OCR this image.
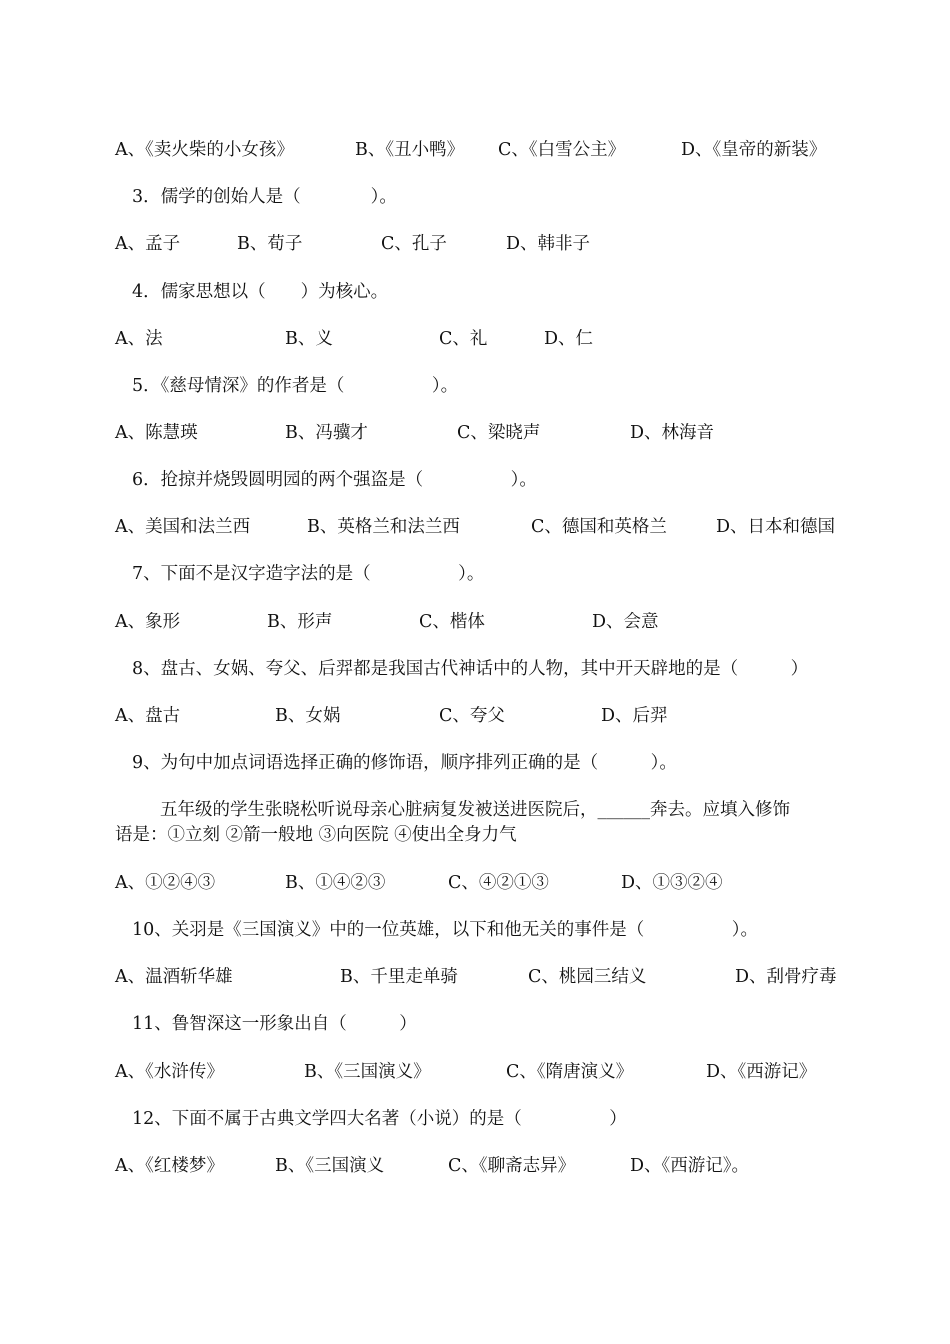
A、《卖火柴的小女孩》	B、《丑小鸭》 C、《白雪公主》	D、《皇帝的新装》
3．儒学的创始人是（　　　　）。
A、孟子	B、荀子	C、孔子	D、韩非子
4．儒家思想以（　　）为核心。
A、法	B、义	C、礼	D、仁
5．《慈母情深》的作者是（　　　　　）。
A、陈慧瑛	B、冯骥才	C、梁晓声	D、林海音
6．抢掠并烧毁圆明园的两个强盗是（　　　　　）。
A、美国和法兰西	B、英格兰和法兰西	C、德国和英格兰	D、日本和德国
7、下面不是汉字造字法的是（　　　　　）。
A、象形	B、形声	C、楷体	D、会意
8、盘古、女娲、夸父、后羿都是我国古代神话中的人物，其中开天辟地的是（　　　）
A、盘古	B、女娲	C、夸父	D、后羿
9、为句中加点词语选择正确的修饰语，顺序排列正确的是（　　　）。
五年级的学生张晓松听说母亲心脏病复发被送进医院后，______奔去。应填入修饰
语是：①立刻 ②箭一般地 ③向医院 ④使出全身力气
A、①②④③	B、①④②③	C、④②①③	D、①③②④
10、关羽是《三国演义》中的一位英雄，以下和他无关的事件是（　　　　　）。
A、温酒斩华雄	B、千里走单骑	C、桃园三结义	D、刮骨疗毒
11、鲁智深这一形象出自（　　　）
A、《水浒传》	B、《三国演义》	C、《隋唐演义》	D、《西游记》
12、下面不属于古典文学四大名著（小说）的是（　　　　　）
A、《红楼梦》	B、《三国演义	C、《聊斋志异》	D、《西游记》。
